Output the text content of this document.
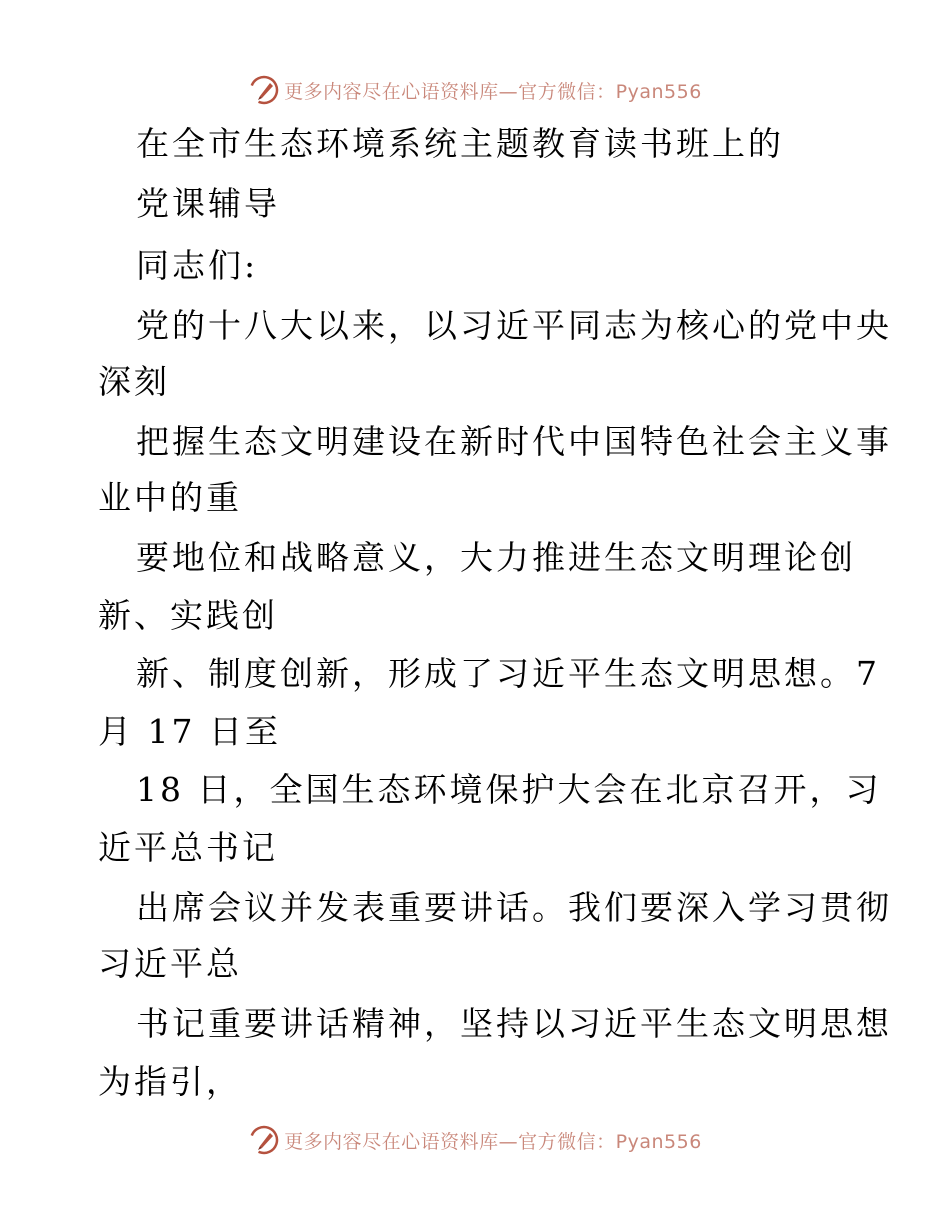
更多内容尽在心语资料库—官方微信：Pyan556
在全市生态环境系统主题教育读书班上的
党课辅导
同志们:
党的十八大以来，以习近平同志为核心的党中央
深刻
把握生态文明建设在新时代中国特色社会主义事
业中的重
要地位和战略意义，大力推进生态文明理论创
新、实践创
新、制度创新，形成了习近平生态文明思想。7
月 17 日至
18 日，全国生态环境保护大会在北京召开，习
近平总书记
出席会议并发表重要讲话。我们要深入学习贯彻
习近平总
书记重要讲话精神，坚持以习近平生态文明思想
为指引，
更多内容尽在心语资料库—官方微信：Pyan556
